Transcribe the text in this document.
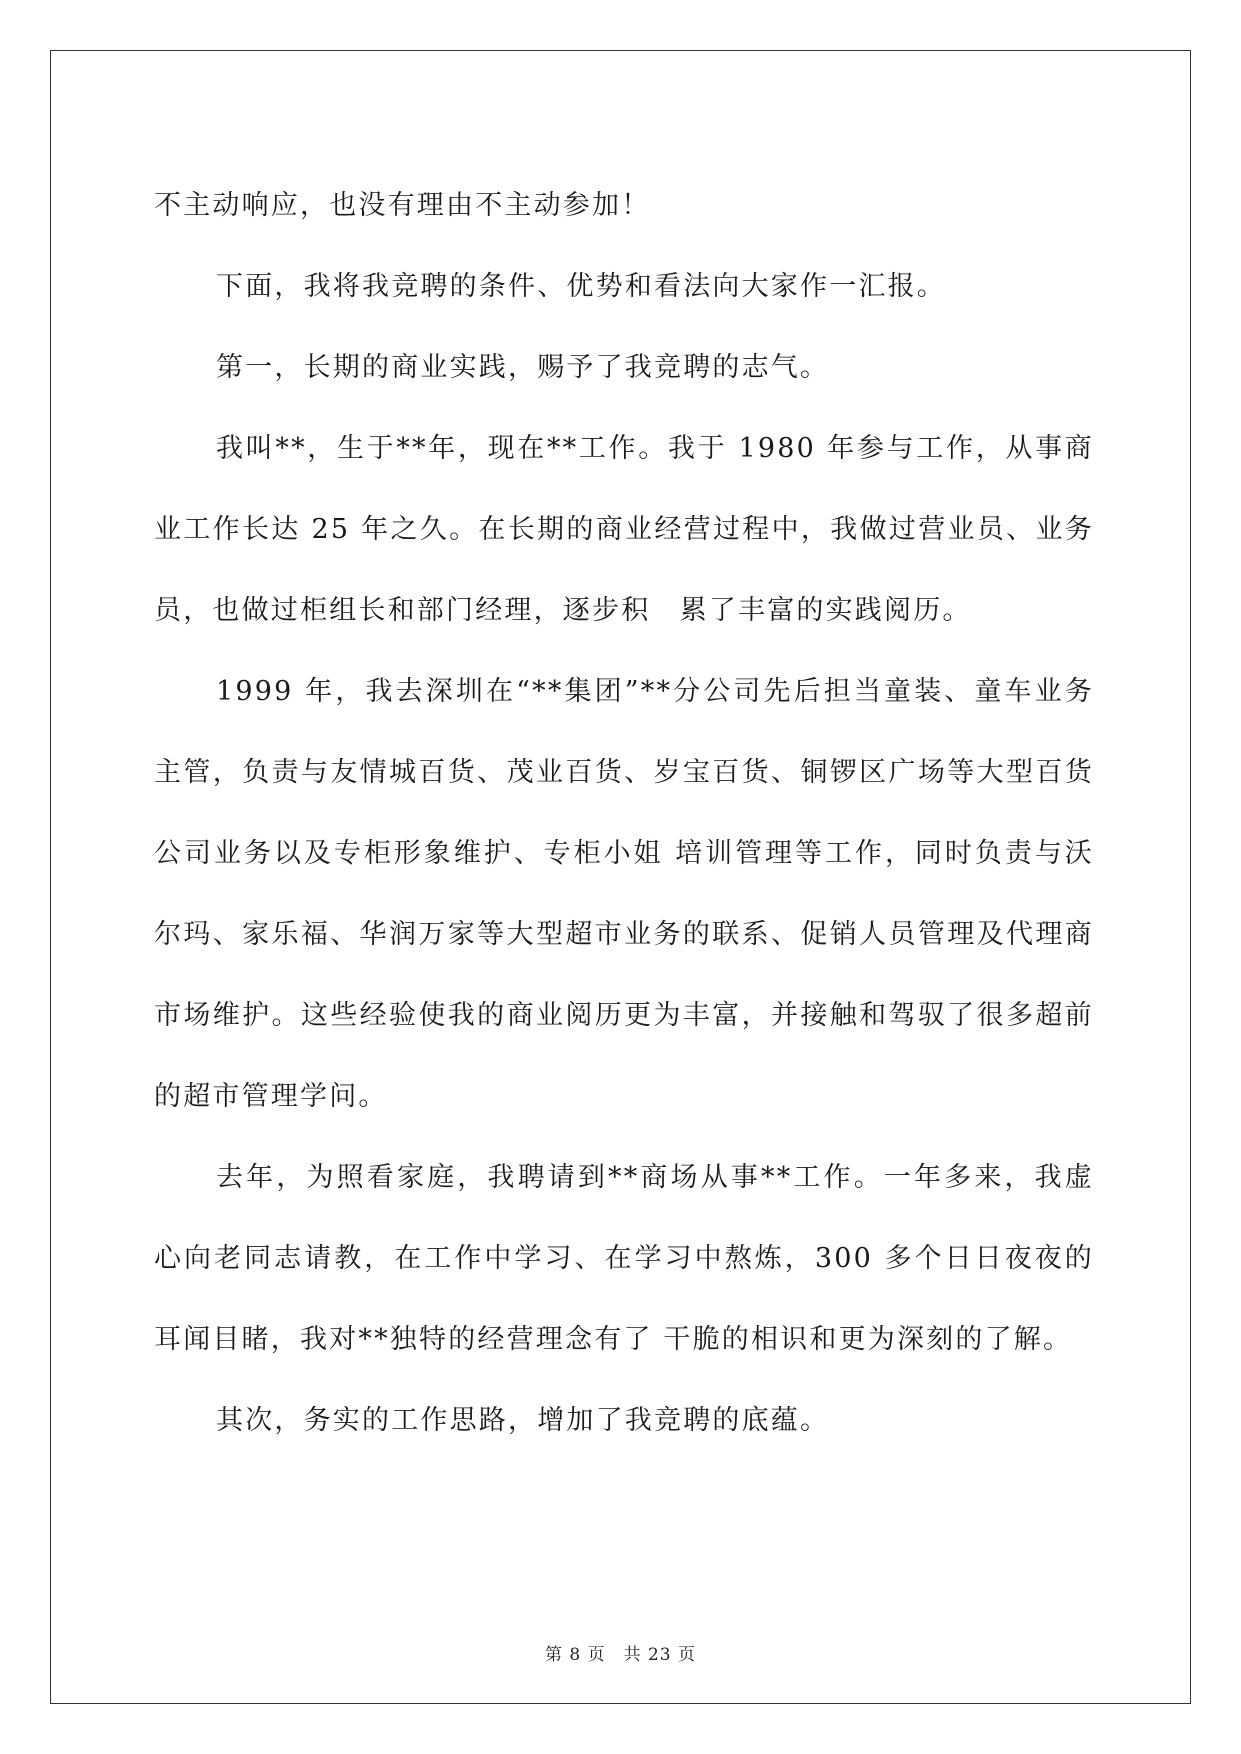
不主动响应，也没有理由不主动参加！

下面，我将我竞聘的条件、优势和看法向大家作一汇报。

第一，长期的商业实践，赐予了我竞聘的志气。

我叫**，生于**年，现在**工作。我于 1980 年参与工作，从事商业工作长达 25 年之久。在长期的商业经营过程中，我做过营业员、业务员，也做过柜组长和部门经理，逐步积　累了丰富的实践阅历。

1999 年，我去深圳在“**集团”**分公司先后担当童装、童车业务主管，负责与友情城百货、茂业百货、岁宝百货、铜锣区广场等大型百货公司业务以及专柜形象维护、专柜小姐 培训管理等工作，同时负责与沃尔玛、家乐福、华润万家等大型超市业务的联系、促销人员管理及代理商市场维护。这些经验使我的商业阅历更为丰富，并接触和驾驭了很多超前 的超市管理学问。

去年，为照看家庭，我聘请到**商场从事**工作。一年多来，我虚心向老同志请教，在工作中学习、在学习中熬炼，300 多个日日夜夜的耳闻目睹，我对**独特的经营理念有了 干脆的相识和更为深刻的了解。

其次，务实的工作思路，增加了我竞聘的底蕴。

第 8 页 共 23 页
